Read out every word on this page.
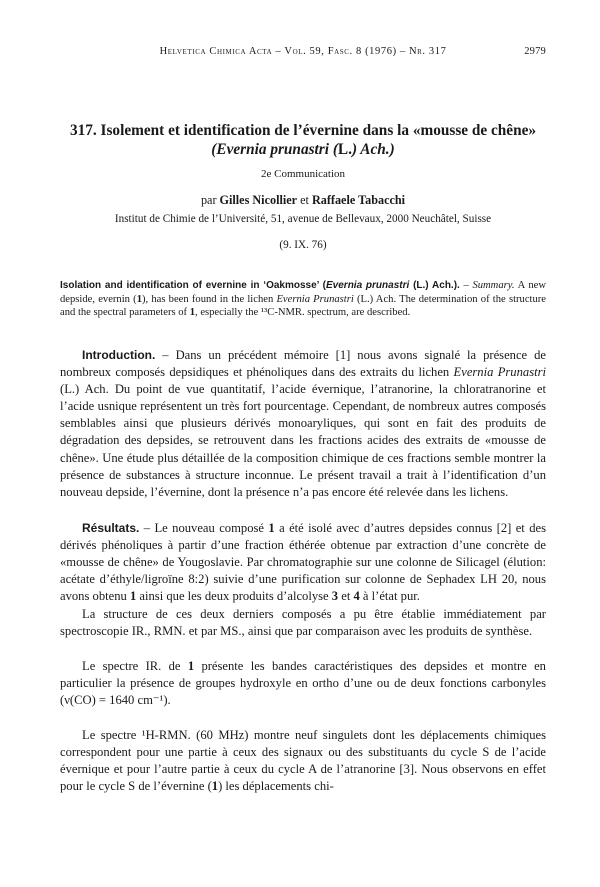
Helvetica Chimica Acta – Vol. 59, Fasc. 8 (1976) – Nr. 317	2979
317. Isolement et identification de l’évernine dans la «mousse de chêne»
(Evernia prunastri (L.) Ach.)
2e Communication
par Gilles Nicollier et Raffaele Tabacchi
Institut de Chimie de l’Université, 51, avenue de Bellevaux, 2000 Neuchâtel, Suisse
(9. IX. 76)
Isolation and identification of evernine in ‘Oakmosse’ (Evernia prunastri (L.) Ach.). – Summary. A new depside, evernin (1), has been found in the lichen Evernia Prunastri (L.) Ach. The determination of the structure and the spectral parameters of 1, especially the ¹³C-NMR. spectrum, are described.

Introduction. – Dans un précédent mémoire [1] nous avons signalé la présence de nombreux composés depsidiques et phénoliques dans des extraits du lichen Evernia Prunastri (L.) Ach. Du point de vue quantitatif, l’acide évernique, l’atranorine, la chloratranorine et l’acide usnique représentent un très fort pourcentage. Cependant, de nombreux autres composés semblables ainsi que plusieurs dérivés monoaryliques, qui sont en fait des produits de dégradation des depsides, se retrouvent dans les fractions acides des extraits de «mousse de chêne». Une étude plus détaillée de la composition chimique de ces fractions semble montrer la présence de substances à structure inconnue. Le présent travail a trait à l’identification d’un nouveau depside, l’évernine, dont la présence n’a pas encore été relevée dans les lichens.

Résultats. – Le nouveau composé 1 a été isolé avec d’autres depsides connus [2] et des dérivés phénoliques à partir d’une fraction éthérée obtenue par extraction d’une concrète de «mousse de chêne» de Yougoslavie. Par chromatographie sur une colonne de Silicagel (élution: acétate d’éthyle/ligroïne 8:2) suivie d’une purification sur colonne de Sephadex LH 20, nous avons obtenu 1 ainsi que les deux produits d’alcolyse 3 et 4 à l’état pur.

La structure de ces deux derniers composés a pu être établie immédiatement par spectroscopie IR., RMN. et par MS., ainsi que par comparaison avec les produits de synthèse.

Le spectre IR. de 1 présente les bandes caractéristiques des depsides et montre en particulier la présence de groupes hydroxyle en ortho d’une ou de deux fonctions carbonyles (ν(CO) = 1640 cm⁻¹).

Le spectre ¹H-RMN. (60 MHz) montre neuf singulets dont les déplacements chimiques correspondent pour une partie à ceux des signaux ou des substituants du cycle S de l’acide évernique et pour l’autre partie à ceux du cycle A de l’atranorine [3]. Nous observons en effet pour le cycle S de l’évernine (1) les déplacements chi-
